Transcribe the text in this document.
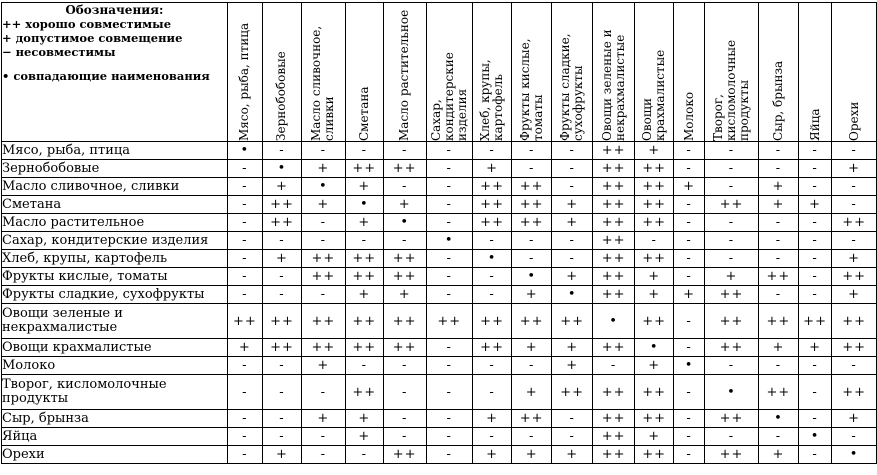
Обозначения:
++ хорошо совместимые
+ допустимое совмещение
− несовместимы
• совпадающие наименования	Мясо, рыба, птица	Зернобобовые	Масло сливочное, сливки	Сметана	Масло растительное	Сахар, кондитерские изделия	Хлеб, крупы, картофель	Фрукты кислые, томаты	Фрукты сладкие, сухофрукты	Овощи зеленые и некрахмалистые	Овощи крахмалистые	Молоко	Творог, кисломолочные продукты	Сыр, брынза	Яйца	Орехи

Мясо, рыба, птица	•	-	-	-	-	-	-	-	-	++	+	-	-	-	-	-
Зернобобовые	-	•	+	++	++	-	+	-	-	++	++	-	-	-	-	+
Масло сливочное, сливки	-	+	•	+	-	-	++	++	-	++	++	+	-	+	-	-
Сметана	-	++	+	•	+	-	++	++	+	++	++	-	++	+	+	-
Масло растительное	-	++	-	+	•	-	++	++	+	++	++	-	-	-	-	++
Сахар, кондитерские изделия	-	-	-	-	-	•	-	-	-	++	-	-	-	-	-	-
Хлеб, крупы, картофель	-	+	++	++	++	-	•	-	-	++	++	-	-	-	-	+
Фрукты кислые, томаты	-	-	++	++	++	-	-	•	+	++	+	-	+	++	-	++
Фрукты сладкие, сухофрукты	-	-	-	+	+	-	-	+	•	++	+	+	++	-	-	+
Овощи зеленые и некрахмалистые	++	++	++	++	++	++	++	++	++	•	++	-	++	++	++	++
Овощи крахмалистые	+	++	++	++	++	-	++	+	+	++	•	-	++	+	+	++
Молоко	-	-	+	-	-	-	-	-	+	-	+	•	-	-	-	-
Творог, кисломолочные продукты	-	-	-	++	-	-	-	+	++	++	++	-	•	++	-	++
Сыр, брынза	-	-	+	+	-	-	+	++	-	++	++	-	++	•	-	+
Яйца	-	-	-	+	-	-	-	-	-	++	+	-	-	-	•	-
Орехи	-	+	-	-	++	-	+	+	+	++	++	-	++	+	-	•
